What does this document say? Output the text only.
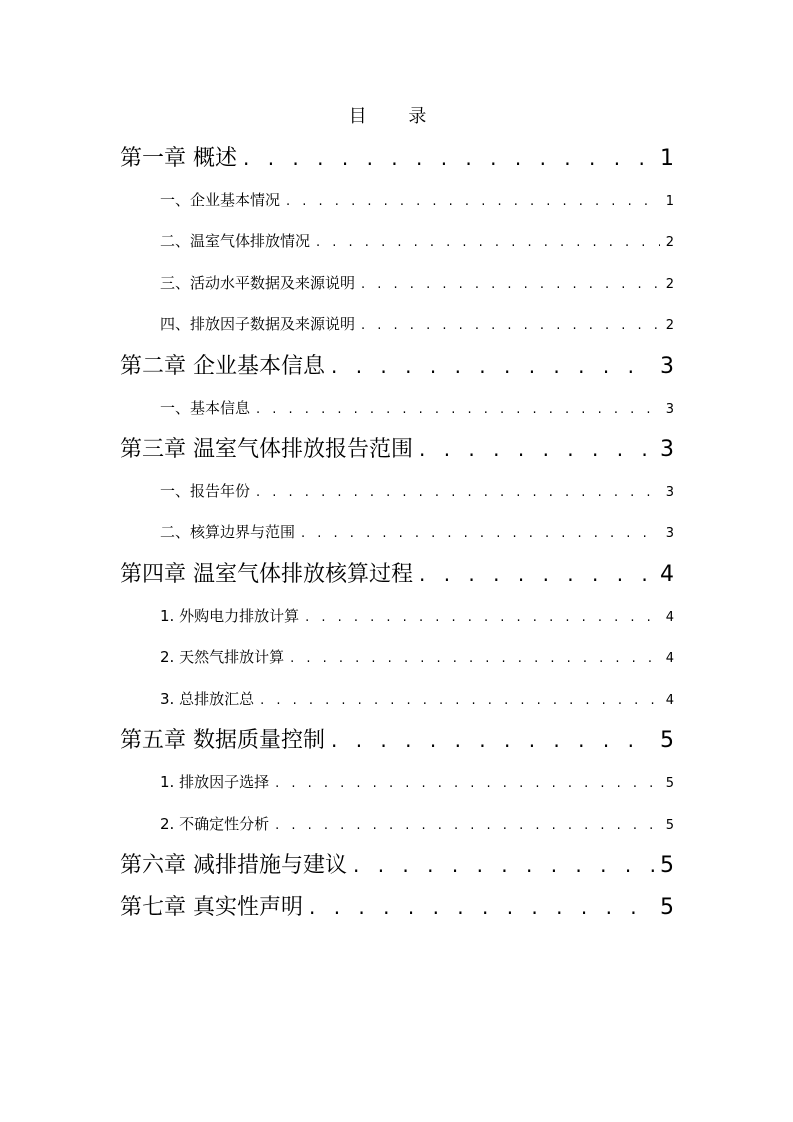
目 录
第一章 概述 . . .	1
一、企业基本情况 . . .	1
二、温室气体排放情况 . . .	2
三、活动水平数据及来源说明 . . .	2
四、排放因子数据及来源说明 . . .	2
第二章 企业基本信息 . . .	3
一、基本信息 . . .	3
第三章 温室气体排放报告范围 . . .	3
一、报告年份 . . .	3
二、核算边界与范围 . . .	3
第四章 温室气体排放核算过程 . . .	4
1. 外购电力排放计算 . . .	4
2. 天然气排放计算 . . .	4
3. 总排放汇总 . . .	4
第五章 数据质量控制 . . .	5
1. 排放因子选择 . . .	5
2. 不确定性分析 . . .	5
第六章 减排措施与建议 . . .	5
第七章 真实性声明 . . .	5
